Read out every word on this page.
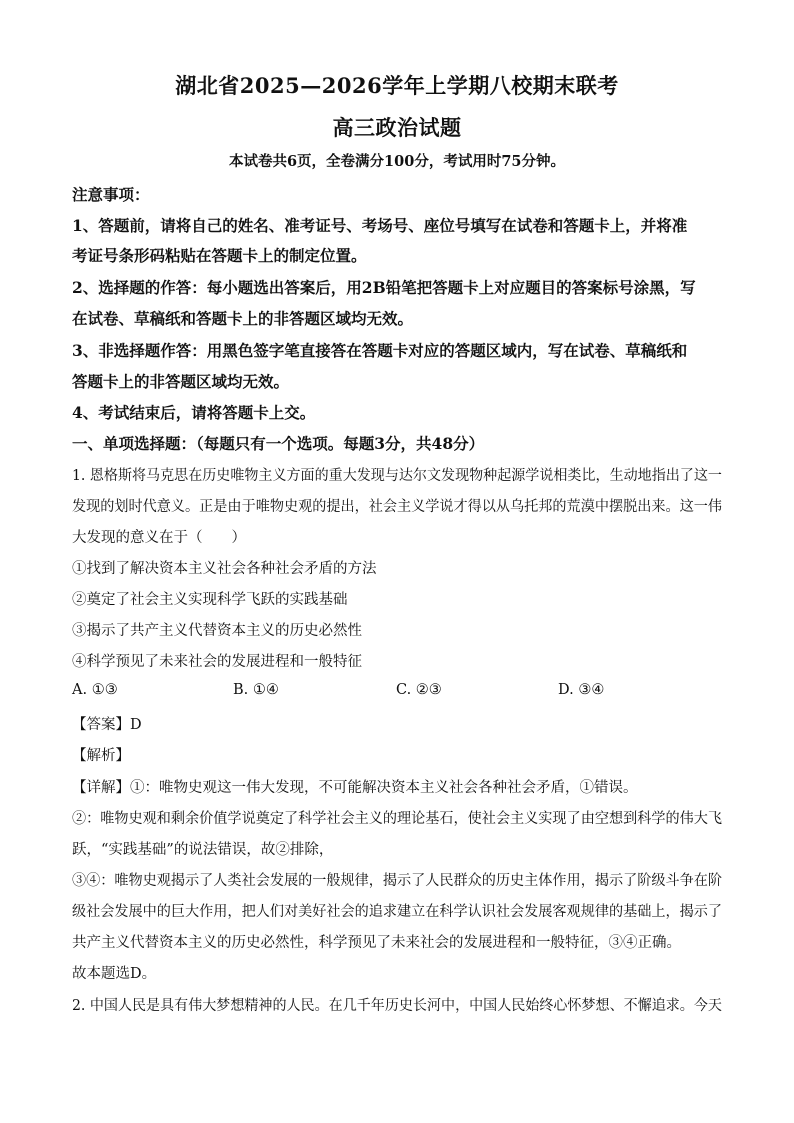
湖北省2025—2026学年上学期八校期末联考
高三政治试题
本试卷共6页，全卷满分100分，考试用时75分钟。
注意事项：
1、答题前，请将自己的姓名、准考证号、考场号、座位号填写在试卷和答题卡上，并将准
考证号条形码粘贴在答题卡上的制定位置。
2、选择题的作答：每小题选出答案后，用2B铅笔把答题卡上对应题目的答案标号涂黑，写
在试卷、草稿纸和答题卡上的非答题区域均无效。
3、非选择题作答：用黑色签字笔直接答在答题卡对应的答题区域内，写在试卷、草稿纸和
答题卡上的非答题区域均无效。
4、考试结束后，请将答题卡上交。
一、单项选择题：（每题只有一个选项。每题3分，共48分）
1. 恩格斯将马克思在历史唯物主义方面的重大发现与达尔文发现物种起源学说相类比，生动地指出了这一
发现的划时代意义。正是由于唯物史观的提出，社会主义学说才得以从乌托邦的荒漠中摆脱出来。这一伟
大发现的意义在于（　　）
①找到了解决资本主义社会各种社会矛盾的方法
②奠定了社会主义实现科学飞跃的实践基础
③揭示了共产主义代替资本主义的历史必然性
④科学预见了未来社会的发展进程和一般特征
A. ①③	B. ①④	C. ②③	D. ③④
【答案】D
【解析】
【详解】①：唯物史观这一伟大发现，不可能解决资本主义社会各种社会矛盾，①错误。
②：唯物史观和剩余价值学说奠定了科学社会主义的理论基石，使社会主义实现了由空想到科学的伟大飞
跃，“实践基础”的说法错误，故②排除，
③④：唯物史观揭示了人类社会发展的一般规律，揭示了人民群众的历史主体作用，揭示了阶级斗争在阶
级社会发展中的巨大作用，把人们对美好社会的追求建立在科学认识社会发展客观规律的基础上，揭示了
共产主义代替资本主义的历史必然性，科学预见了未来社会的发展进程和一般特征，③④正确。
故本题选D。
2. 中国人民是具有伟大梦想精神的人民。在几千年历史长河中，中国人民始终心怀梦想、不懈追求。今天
